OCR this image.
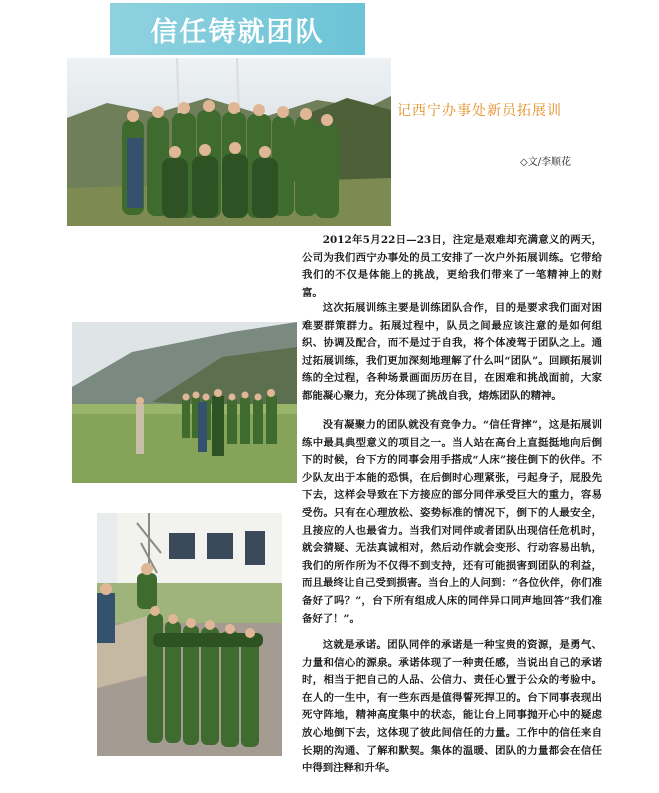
信任铸就团队
记西宁办事处新员拓展训
◇文/李顺花

2012年5月22日—23日，注定是艰难却充满意义的两天，公司为我们西宁办事处的员工安排了一次户外拓展训练。它带给我们的不仅是体能上的挑战，更给我们带来了一笔精神上的财富。

这次拓展训练主要是训练团队合作，目的是要求我们面对困难要群策群力。拓展过程中，队员之间最应该注意的是如何组织、协调及配合，而不是过于自我，将个体凌驾于团队之上。通过拓展训练，我们更加深刻地理解了什么叫“团队”。回顾拓展训练的全过程，各种场景画面历历在目，在困难和挑战面前，大家都能凝心聚力，充分体现了挑战自我，熔炼团队的精神。

没有凝聚力的团队就没有竞争力。“信任背摔”，这是拓展训练中最具典型意义的项目之一。当人站在高台上直挺挺地向后倒下的时候，台下方的同事会用手搭成“人床”接住倒下的伙伴。不少队友出于本能的恐惧，在后倒时心理紧张，弓起身子，屁股先下去，这样会导致在下方接应的部分同伴承受巨大的重力，容易受伤。只有在心理放松、姿势标准的情况下，倒下的人最安全，且接应的人也最省力。当我们对同伴或者团队出现信任危机时，就会猜疑、无法真诚相对，然后动作就会变形、行动容易出轨，我们的所作所为不仅得不到支持，还有可能损害到团队的利益，而且最终让自己受到损害。当台上的人问到：“各位伙伴，你们准备好了吗？”，台下所有组成人床的同伴异口同声地回答“我们准备好了！”。

这就是承诺。团队同伴的承诺是一种宝贵的资源，是勇气、力量和信心的源泉。承诺体现了一种责任感，当说出自己的承诺时，相当于把自己的人品、公信力、责任心置于公众的考验中。在人的一生中，有一些东西是值得誓死捍卫的。台下同事表现出死守阵地，精神高度集中的状态，能让台上同事抛开心中的疑虑放心地倒下去，这体现了彼此间信任的力量。工作中的信任来自长期的沟通、了解和默契。集体的温暖、团队的力量都会在信任中得到注释和升华。
